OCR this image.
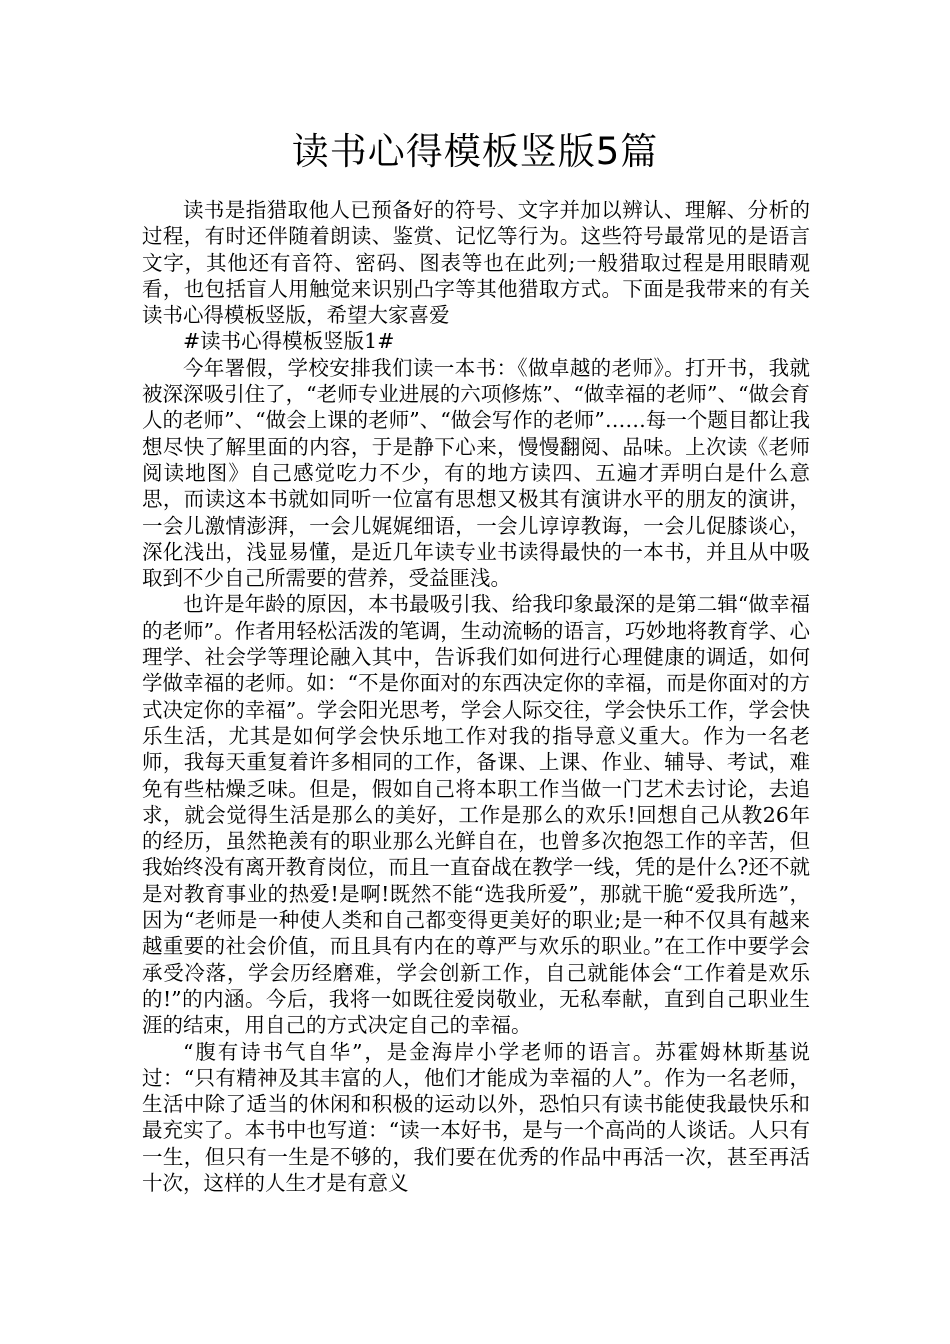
读书心得模板竖版5篇

读书是指猎取他人已预备好的符号、文字并加以辨认、理解、分析的过程，有时还伴随着朗读、鉴赏、记忆等行为。这些符号最常见的是语言文字，其他还有音符、密码、图表等也在此列;一般猎取过程是用眼睛观看，也包括盲人用触觉来识别凸字等其他猎取方式。下面是我带来的有关读书心得模板竖版，希望大家喜爱

#读书心得模板竖版1#

今年署假，学校安排我们读一本书：《做卓越的老师》。打开书，我就被深深吸引住了，“老师专业进展的六项修炼”、“做幸福的老师”、“做会育人的老师”、“做会上课的老师”、“做会写作的老师”……每一个题目都让我想尽快了解里面的内容，于是静下心来，慢慢翻阅、品味。上次读《老师阅读地图》自己感觉吃力不少，有的地方读四、五遍才弄明白是什么意思，而读这本书就如同听一位富有思想又极其有演讲水平的朋友的演讲，一会儿激情澎湃，一会儿娓娓细语，一会儿谆谆教诲，一会儿促膝谈心，深化浅出，浅显易懂，是近几年读专业书读得最快的一本书，并且从中吸取到不少自己所需要的营养，受益匪浅。

也许是年龄的原因，本书最吸引我、给我印象最深的是第二辑“做幸福的老师”。作者用轻松活泼的笔调，生动流畅的语言，巧妙地将教育学、心理学、社会学等理论融入其中，告诉我们如何进行心理健康的调适，如何学做幸福的老师。如：“不是你面对的东西决定你的幸福，而是你面对的方式决定你的幸福”。学会阳光思考，学会人际交往，学会快乐工作，学会快乐生活，尤其是如何学会快乐地工作对我的指导意义重大。作为一名老师，我每天重复着许多相同的工作，备课、上课、作业、辅导、考试，难免有些枯燥乏味。但是，假如自己将本职工作当做一门艺术去讨论，去追求，就会觉得生活是那么的美好，工作是那么的欢乐!回想自己从教26年的经历，虽然艳羡有的职业那么光鲜自在，也曾多次抱怨工作的辛苦，但我始终没有离开教育岗位，而且一直奋战在教学一线，凭的是什么?还不就是对教育事业的热爱!是啊!既然不能“选我所爱”，那就干脆“爱我所选”，因为“老师是一种使人类和自己都变得更美好的职业;是一种不仅具有越来越重要的社会价值，而且具有内在的尊严与欢乐的职业。”在工作中要学会承受冷落，学会历经磨难，学会创新工作，自己就能体会“工作着是欢乐的!”的内涵。今后，我将一如既往爱岗敬业，无私奉献，直到自己职业生涯的结束，用自己的方式决定自己的幸福。

“腹有诗书气自华”，是金海岸小学老师的语言。苏霍姆林斯基说过：“只有精神及其丰富的人，他们才能成为幸福的人”。作为一名老师，生活中除了适当的休闲和积极的运动以外，恐怕只有读书能使我最快乐和最充实了。本书中也写道：“读一本好书，是与一个高尚的人谈话。人只有一生，但只有一生是不够的，我们要在优秀的作品中再活一次，甚至再活十次，这样的人生才是有意义
